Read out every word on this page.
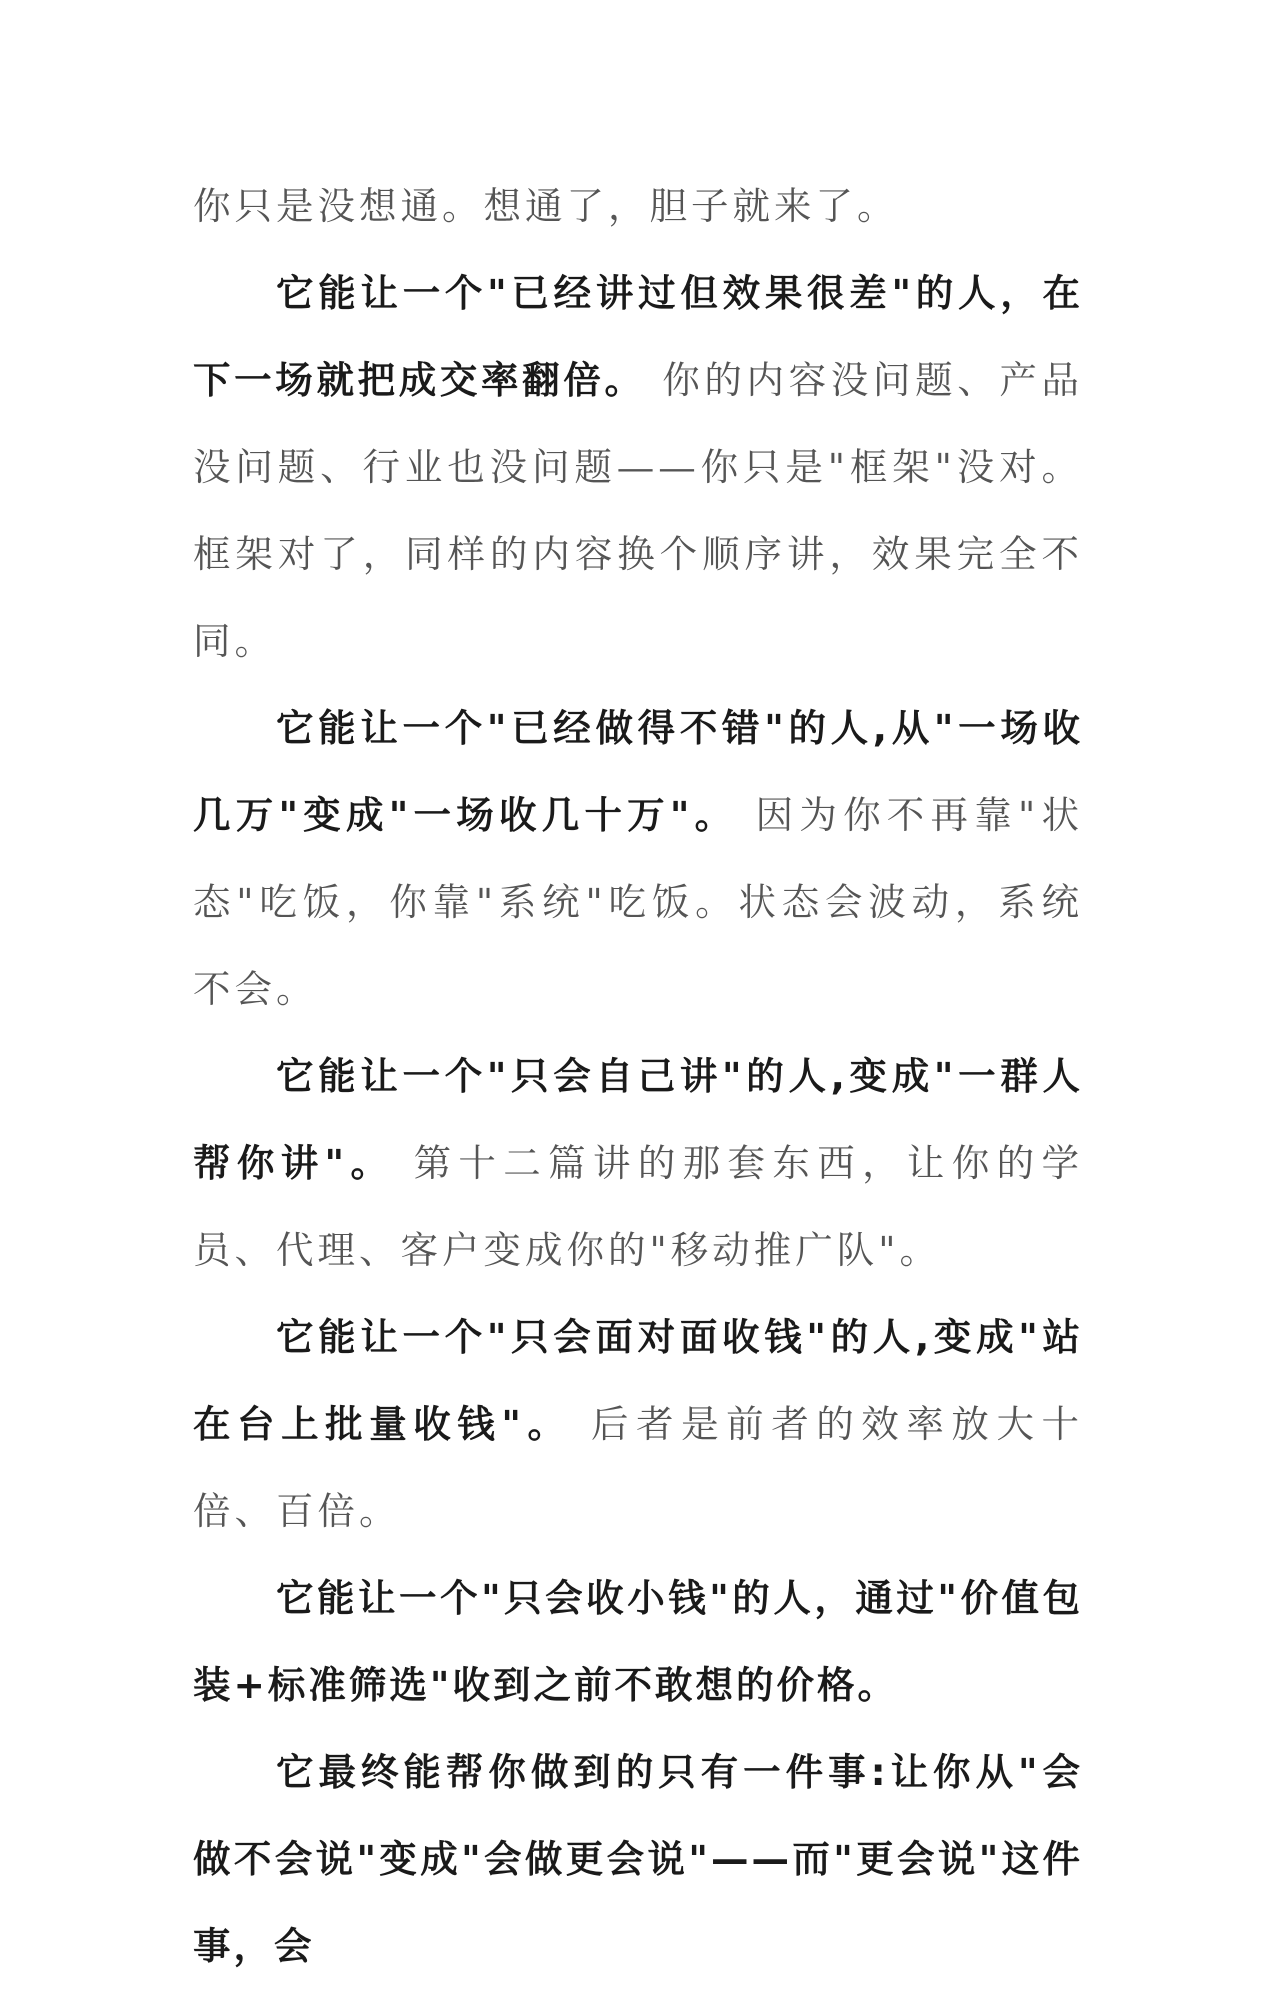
你只是没想通。想通了，胆子就来了。

它能让一个"已经讲过但效果很差"的人，在下一场就把成交率翻倍。 你的内容没问题、产品没问题、行业也没问题——你只是"框架"没对。框架对了，同样的内容换个顺序讲，效果完全不同。

它能让一个"已经做得不错"的人,从"一场收几万"变成"一场收几十万"。 因为你不再靠"状态"吃饭，你靠"系统"吃饭。状态会波动，系统不会。

它能让一个"只会自己讲"的人,变成"一群人帮你讲"。 第十二篇讲的那套东西，让你的学员、代理、客户变成你的"移动推广队"。

它能让一个"只会面对面收钱"的人,变成"站在台上批量收钱"。 后者是前者的效率放大十倍、百倍。

它能让一个"只会收小钱"的人，通过"价值包装+标准筛选"收到之前不敢想的价格。

它最终能帮你做到的只有一件事:让你从"会做不会说"变成"会做更会说"——而"更会说"这件事，会
